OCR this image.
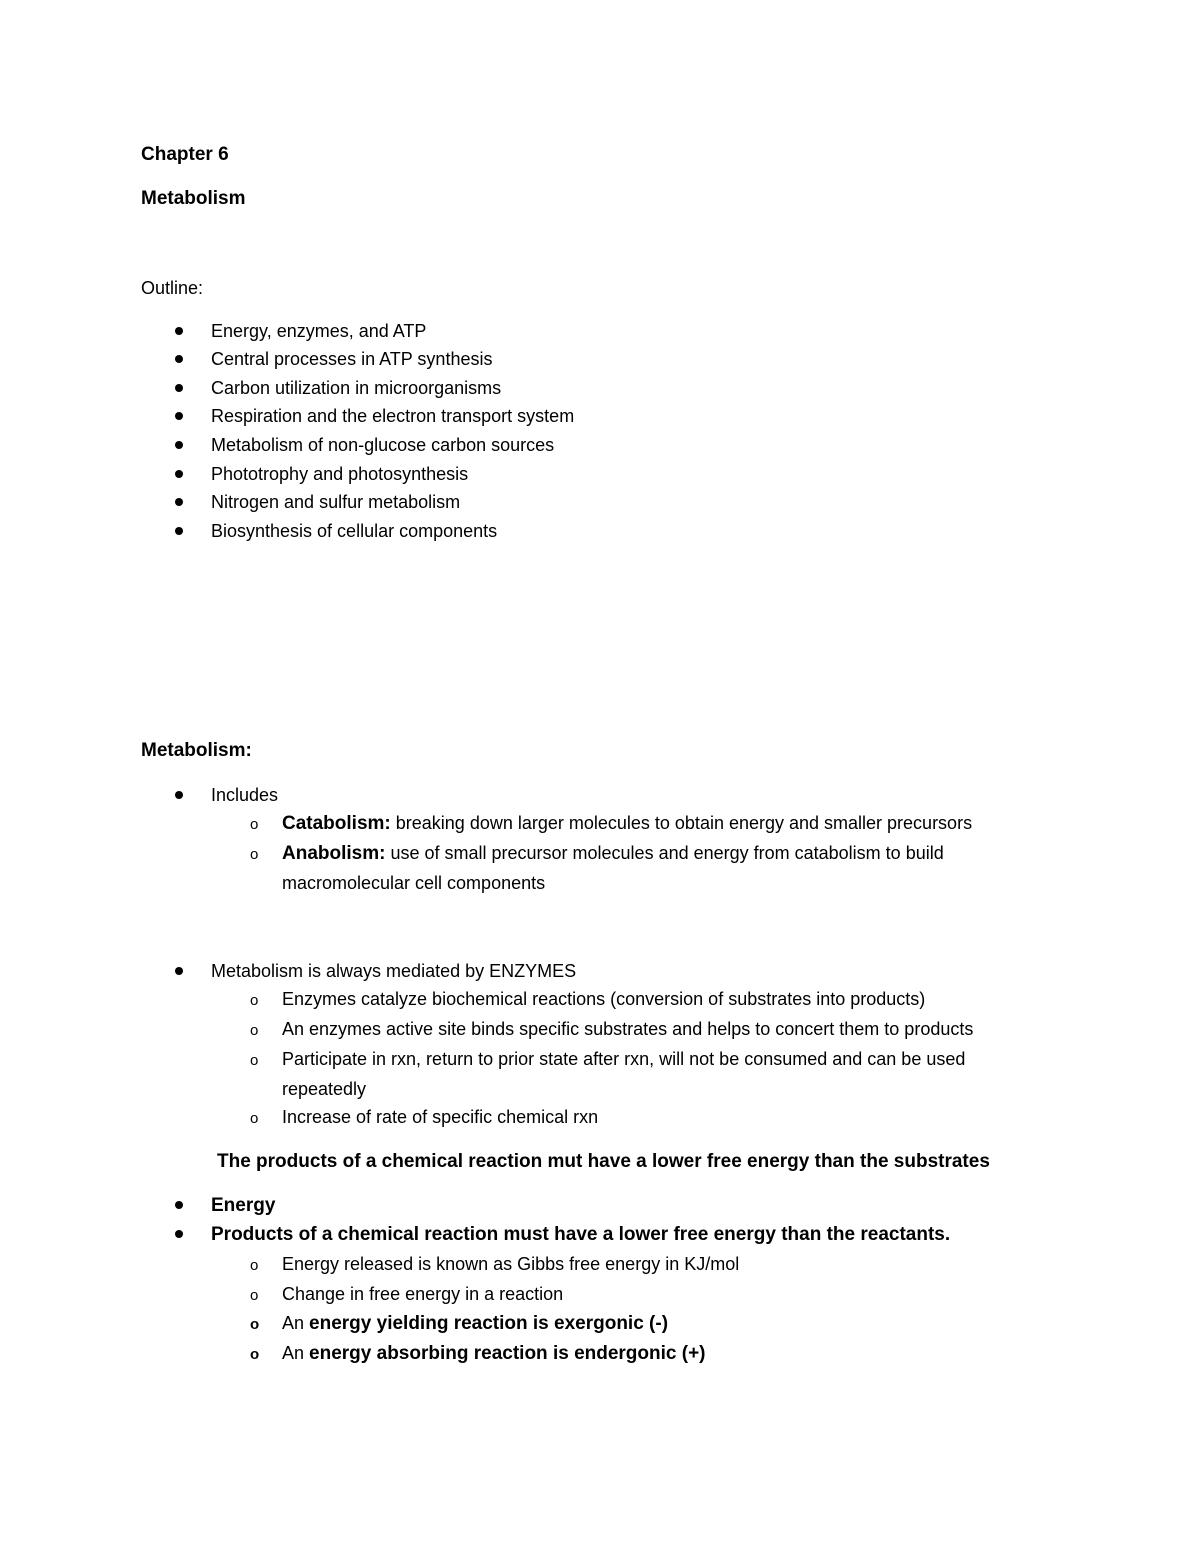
Chapter 6
Metabolism
Outline:
Energy, enzymes, and ATP
Central processes in ATP synthesis
Carbon utilization in microorganisms
Respiration and the electron transport system
Metabolism of non-glucose carbon sources
Phototrophy and photosynthesis
Nitrogen and sulfur metabolism
Biosynthesis of cellular components
Metabolism:
Includes
o Catabolism: breaking down larger molecules to obtain energy and smaller precursors
o Anabolism: use of small precursor molecules and energy from catabolism to build
macromolecular cell components
Metabolism is always mediated by ENZYMES
o Enzymes catalyze biochemical reactions (conversion of substrates into products)
o An enzymes active site binds specific substrates and helps to concert them to products
o Participate in rxn, return to prior state after rxn, will not be consumed and can be used
repeatedly
o Increase of rate of specific chemical rxn
The products of a chemical reaction mut have a lower free energy than the substrates
Energy
Products of a chemical reaction must have a lower free energy than the reactants.
o Energy released is known as Gibbs free energy in KJ/mol
o Change in free energy in a reaction
o An energy yielding reaction is exergonic (-)
o An energy absorbing reaction is endergonic (+)
